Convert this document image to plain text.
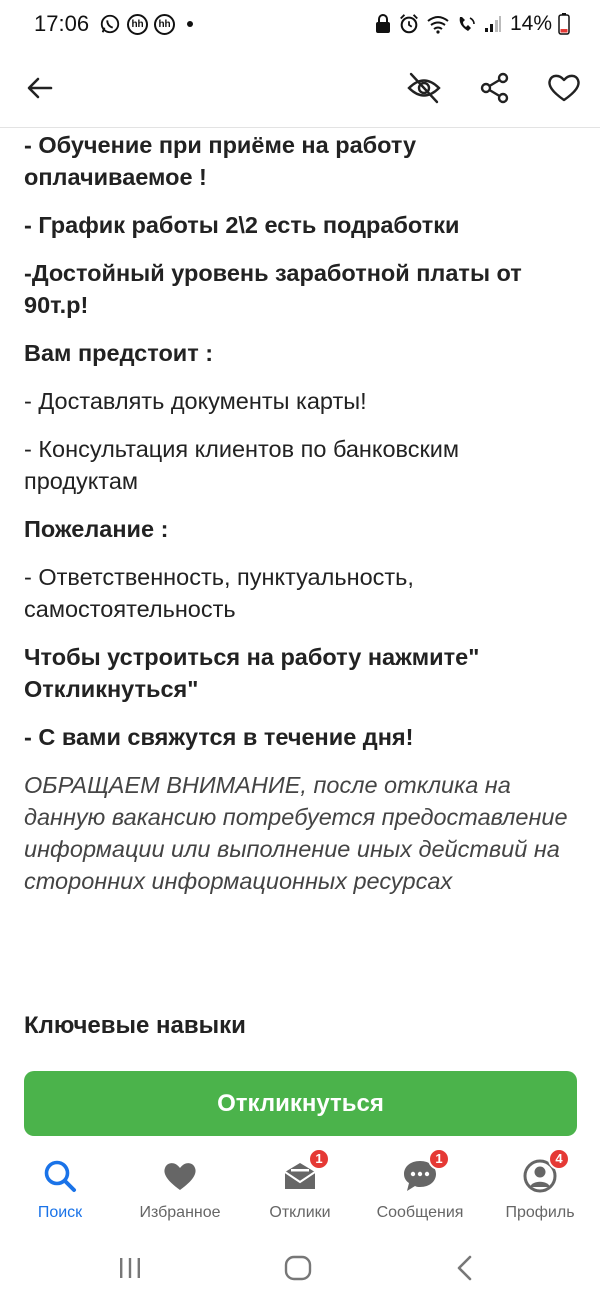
17:06	hh	hh	14%
- Обучение при приёме на работу оплачиваемое !
- График работы 2\2 есть подработки
-Достойный уровень заработной платы от 90т.р!
Вам предстоит :
- Доставлять документы карты!
- Консультация клиентов по банковским продуктам
Пожелание :
- Ответственность, пунктуальность, самостоятельность
Чтобы устроиться на работу нажмите" Откликнуться"
- С вами свяжутся в течение дня!
ОБРАЩАЕМ ВНИМАНИЕ, после отклика на данную вакансию потребуется предоставление информации или выполнение иных действий на сторонних информационных ресурсах
Ключевые навыки
Откликнуться
Поиск	Избранное
1
Отклики
1
Сообщения
4
Профиль
